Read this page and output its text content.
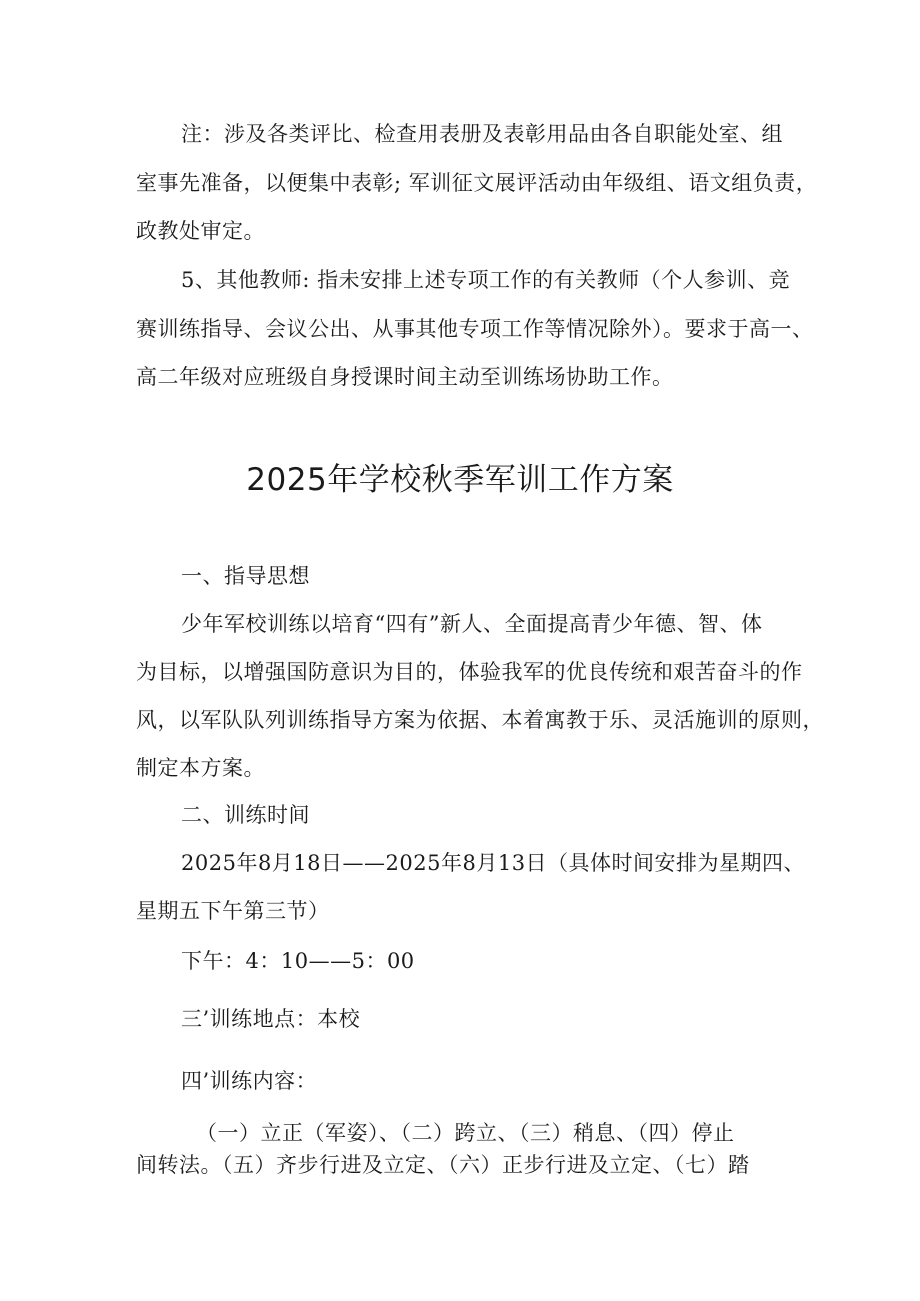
注：涉及各类评比、检查用表册及表彰用品由各自职能处室、组
室事先准备，以便集中表彰; 军训征文展评活动由年级组、语文组负责，
政教处审定。
5、其他教师: 指未安排上述专项工作的有关教师（个人参训、竞
赛训练指导、会议公出、从事其他专项工作等情况除外）。要求于高一、
高二年级对应班级自身授课时间主动至训练场协助工作。
2025年学校秋季军训工作方案
一、指导思想
少年军校训练以培育“四有”新人、全面提高青少年德、智、体
为目标，以增强国防意识为目的，体验我军的优良传统和艰苦奋斗的作
风，以军队队列训练指导方案为依据、本着寓教于乐、灵活施训的原则，
制定本方案。
二、训练时间
2025年8月18日——2025年8月13日（具体时间安排为星期四、
星期五下午第三节）
下午：4：10——5：00
三’训练地点：本校
四’训练内容：
（一）立正（军姿）、（二）跨立、（三）稍息、（四）停止
间转法。（五）齐步行进及立定、（六）正步行进及立定、（七）踏
